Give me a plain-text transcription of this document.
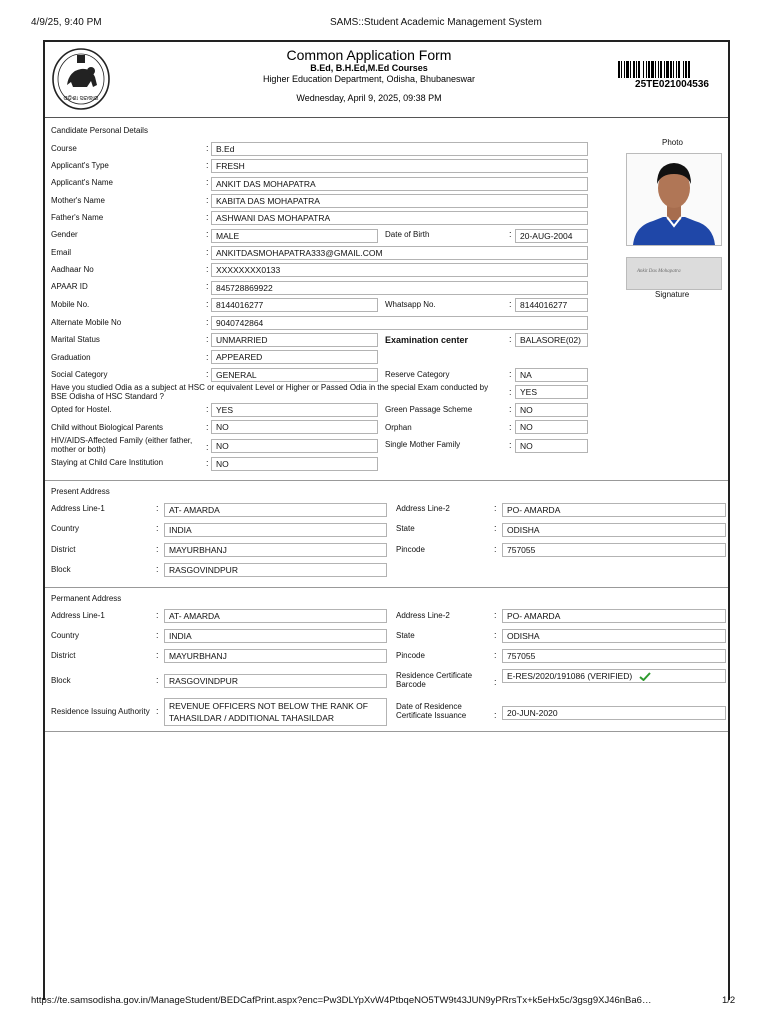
4/9/25, 9:40 PM	SAMS::Student Academic Management System
ଓଡ଼ିଶା ସରକାର
Common Application Form
B.Ed, B.H.Ed,M.Ed Courses
Higher Education Department, Odisha, Bhubaneswar
Wednesday, April 9, 2025, 09:38 PM
25TE021004536
Candidate Personal Details
Photo
Ankit Das Mohapatra
Signature
Course	: B.Ed
Applicant's Type	: FRESH
Applicant's Name	: ANKIT DAS MOHAPATRA
Mother's Name	: KABITA DAS MOHAPATRA
Father's Name	: ASHWANI DAS MOHAPATRA
Gender	: MALE	Date of Birth	: 20-AUG-2004
Email	: ANKITDASMOHAPATRA333@GMAIL.COM
Aadhaar No	: XXXXXXXX0133
APAAR ID	: 845728869922
Mobile No.	: 8144016277	Whatsapp No.	: 8144016277
Alternate Mobile No	: 9040742864
Marital Status	: UNMARRIED	Examination center	: BALASORE(02)
Graduation	: APPEARED
Social Category	: GENERAL	Reserve Category	: NA
Have you studied Odia as a subject at HSC or equivalent Level or Higher or Passed Odia in the special Exam conducted by BSE Odisha of HSC Standard ?	: YES
Opted for Hostel.	: YES	Green Passage Scheme	: NO
Child without Biological Parents	: NO	Orphan	: NO
HIV/AIDS-Affected Family (either father, mother or both)	: NO	Single Mother Family	: NO
Staying at Child Care Institution	: NO
Present Address
Address Line-1	:	AT- AMARDA	Address Line-2	:	PO- AMARDA
Country	:	INDIA	State	:	ODISHA
District	:	MAYURBHANJ	Pincode	:	757055
Block	:	RASGOVINDPUR
Permanent Address
Address Line-1	:	AT- AMARDA	Address Line-2	:	PO- AMARDA
Country	:	INDIA	State	:	ODISHA
District	:	MAYURBHANJ	Pincode	:	757055
Block	:	RASGOVINDPUR
Residence Certificate Barcode	:
E-RES/2020/191086 (VERIFIED)
Residence Issuing Authority :	REVENUE OFFICERS NOT BELOW THE RANK OF TAHASILDAR / ADDITIONAL TAHASILDAR
Date of Residence Certificate Issuance	:	20-JUN-2020
https://te.samsodisha.gov.in/ManageStudent/BEDCafPrint.aspx?enc=Pw3DLYpXvW4PtbqeNO5TW9t43JUN9yPRrsTx+k5eHx5c/3gsg9XJ46nBa6…	1/2
